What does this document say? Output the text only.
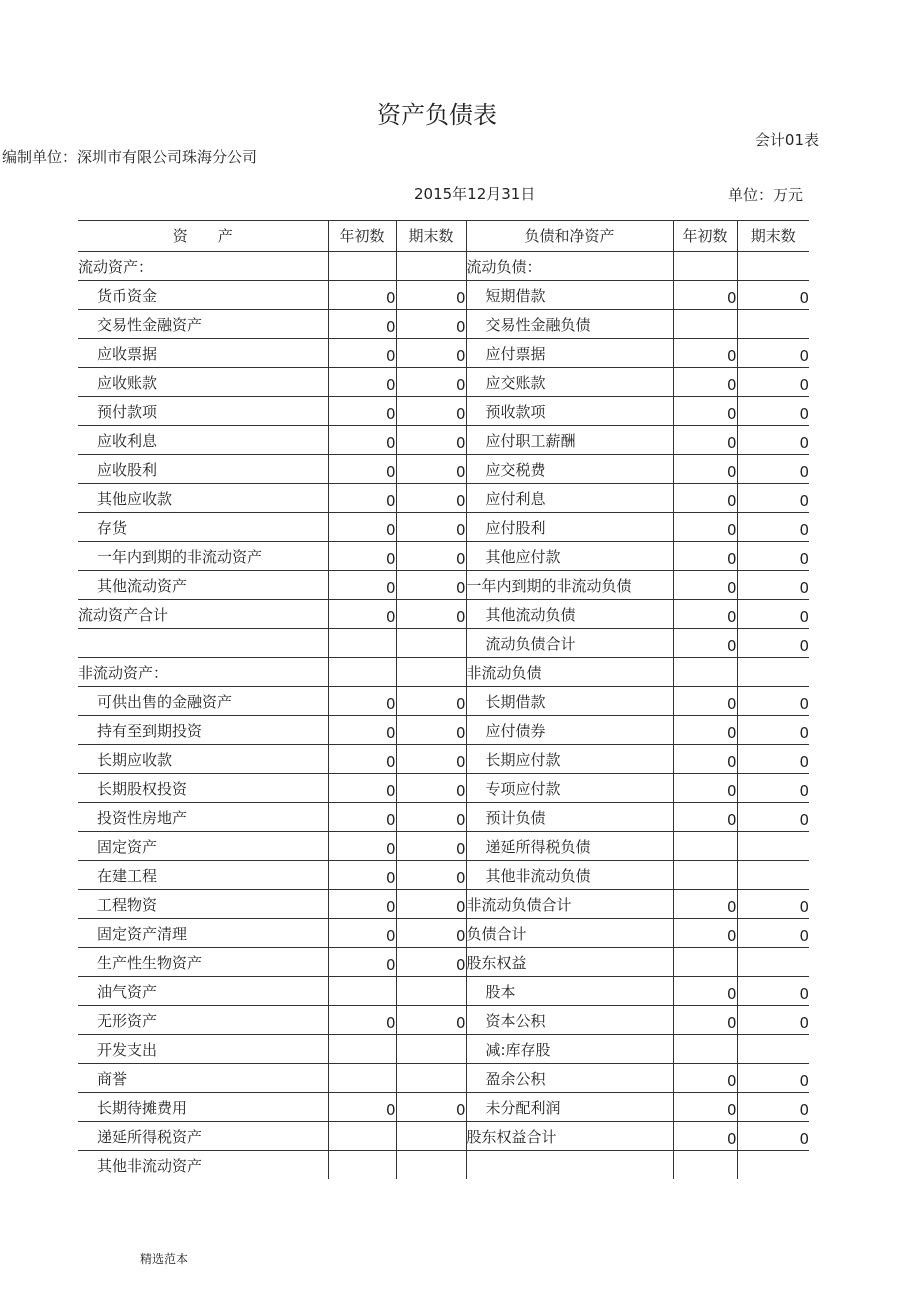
资产负债表
会计01表
编制单位：深圳市有限公司珠海分公司
2015年12月31日	单位：万元
资　　产	年初数	期末数	负债和净资产	年初数	期末数
流动资产：			流动负债：		
货币资金	0	0	短期借款	0	0
交易性金融资产	0	0	交易性金融负债		
应收票据	0	0	应付票据	0	0
应收账款	0	0	应交账款	0	0
预付款项	0	0	预收款项	0	0
应收利息	0	0	应付职工薪酬	0	0
应收股利	0	0	应交税费	0	0
其他应收款	0	0	应付利息	0	0
存货	0	0	应付股利	0	0
一年内到期的非流动资产	0	0	其他应付款	0	0
其他流动资产	0	0	一年内到期的非流动负债	0	0
流动资产合计	0	0	其他流动负债	0	0
			流动负债合计	0	0
非流动资产：			非流动负债		
可供出售的金融资产	0	0	长期借款	0	0
持有至到期投资	0	0	应付债券	0	0
长期应收款	0	0	长期应付款	0	0
长期股权投资	0	0	专项应付款	0	0
投资性房地产	0	0	预计负债	0	0
固定资产	0	0	递延所得税负债		
在建工程	0	0	其他非流动负债		
工程物资	0	0	非流动负债合计	0	0
固定资产清理	0	0	负债合计	0	0
生产性生物资产	0	0	股东权益		
油气资产			股本	0	0
无形资产	0	0	资本公积	0	0
开发支出			减:库存股		
商誉			盈余公积	0	0
长期待摊费用	0	0	未分配利润	0	0
递延所得税资产			股东权益合计	0	0
其他非流动资产					
精选范本
